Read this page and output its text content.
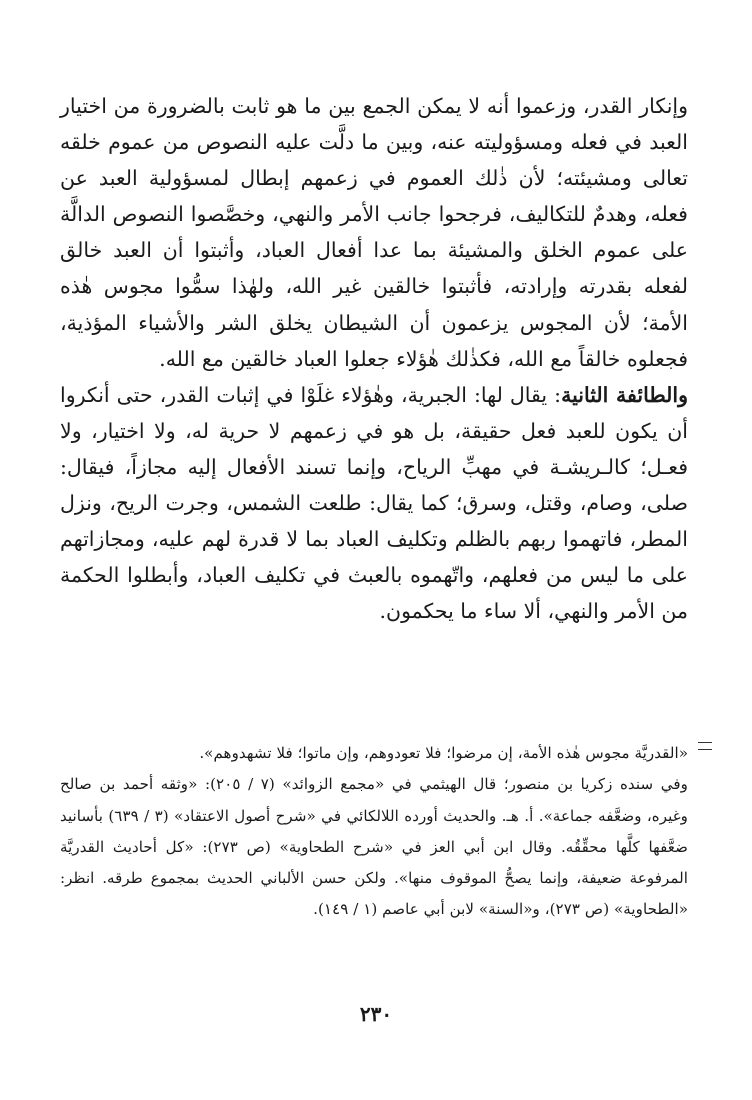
وإنكار القدر، وزعموا أنه لا يمكن الجمع بين ما هو ثابت بالضرورة من اختيار العبد في فعله ومسؤوليته عنه، وبين ما دلَّت عليه النصوص من عموم خلقه تعالى ومشيئته؛ لأن ذٰلك العموم في زعمهم إبطال لمسؤولية العبد عن فعله، وهدمٌ للتكاليف، فرجحوا جانب الأمر والنهي، وخصَّصوا النصوص الدالَّة على عموم الخلق والمشيئة بما عدا أفعال العباد، وأثبتوا أن العبد خالق لفعله بقدرته وإرادته، فأثبتوا خالقين غير الله، ولهٰذا سمُّوا مجوس هٰذه الأمة؛ لأن المجوس يزعمون أن الشيطان يخلق الشر والأشياء المؤذية، فجعلوه خالقاً مع الله، فكذٰلك هٰؤلاء جعلوا العباد خالقين مع الله.

والطائفة الثانية: يقال لها: الجبرية، وهٰؤلاء غلَوْا في إثبات القدر، حتى أنكروا أن يكون للعبد فعل حقيقة، بل هو في زعمهم لا حرية له، ولا اختيار، ولا فعـل؛ كالـريشـة في مهبِّ الرياح، وإنما تسند الأفعال إليه مجازاً، فيقال: صلى، وصام، وقتل، وسرق؛ كما يقال: طلعت الشمس، وجرت الريح، ونزل المطر، فاتهموا ربهم بالظلم وتكليف العباد بما لا قدرة لهم عليه، ومجازاتهم على ما ليس من فعلهم، واتّهموه بالعبث في تكليف العباد، وأبطلوا الحكمة من الأمر والنهي، ألا ساء ما يحكمون.

«القدريَّة مجوس هٰذه الأمة، إن مرضوا؛ فلا تعودوهم، وإن ماتوا؛ فلا تشهدوهم».

وفي سنده زكريا بن منصور؛ قال الهيثمي في «مجمع الزوائد» (٧ / ٢٠٥): «وثقه أحمد بن صالح وغيره، وضعَّفه جماعة». أ. هـ. والحديث أورده اللالكائي في «شرح أصول الاعتقاد» (٣ / ٦٣٩) بأسانيد ضعَّفها كلَّها محقِّقُه. وقال ابن أبي العز في «شرح الطحاوية» (ص ٢٧٣): «كل أحاديث القدريَّة المرفوعة ضعيفة، وإنما يصحُّ الموقوف منها». ولكن حسن الألباني الحديث بمجموع طرقه. انظر: «الطحاوية» (ص ٢٧٣)، و«السنة» لابن أبي عاصم (١ / ١٤٩).

٢٣٠
